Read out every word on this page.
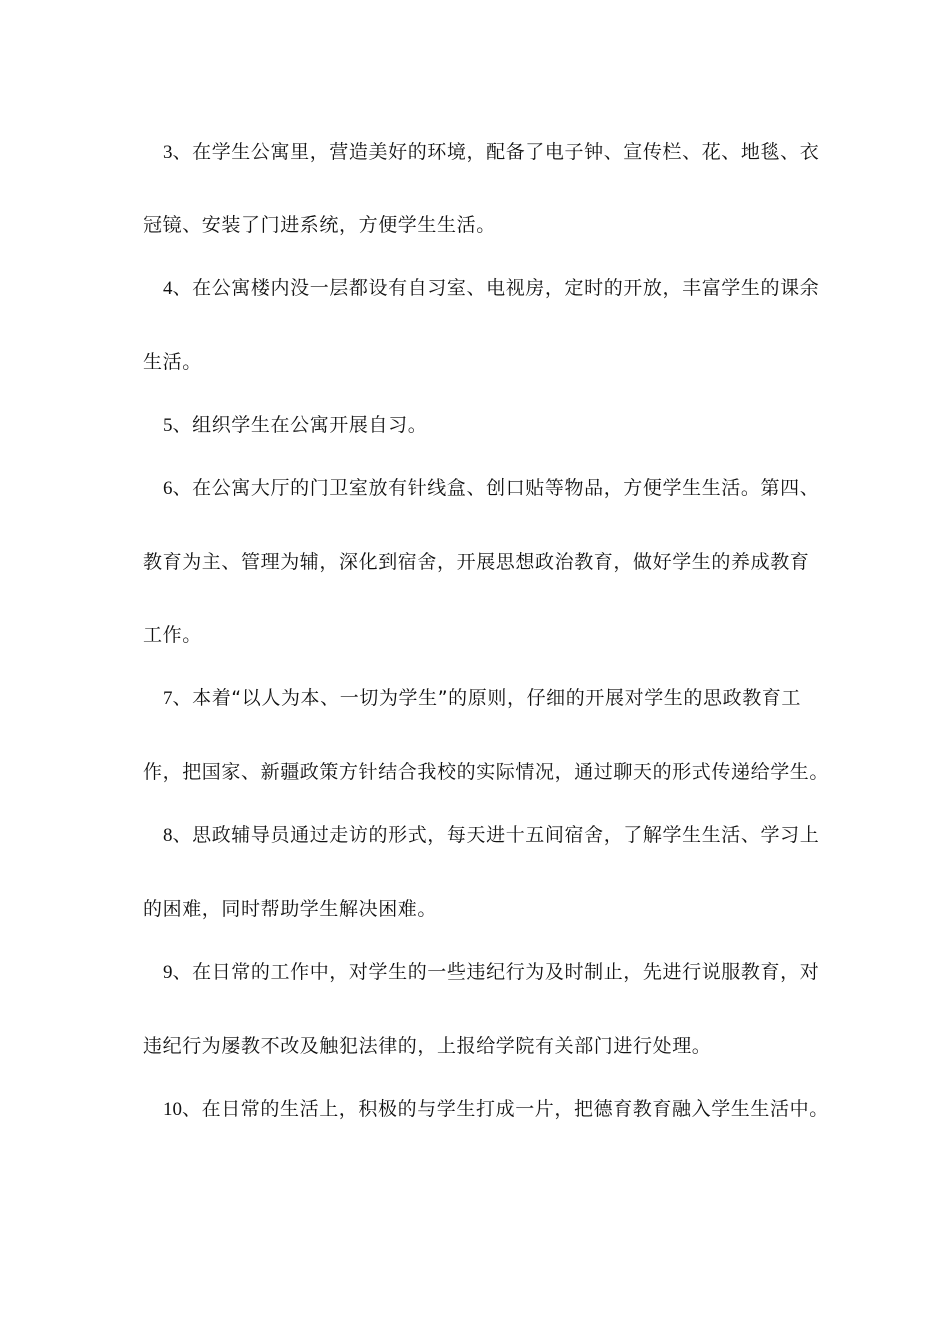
3、在学生公寓里，营造美好的环境，配备了电子钟、宣传栏、花、地毯、衣
冠镜、安装了门进系统，方便学生生活。
4、在公寓楼内没一层都设有自习室、电视房，定时的开放，丰富学生的课余
生活。
5、组织学生在公寓开展自习。
6、在公寓大厅的门卫室放有针线盒、创口贴等物品，方便学生生活。第四、
教育为主、管理为辅，深化到宿舍，开展思想政治教育，做好学生的养成教育
工作。
7、本着“以人为本、一切为学生”的原则，仔细的开展对学生的思政教育工
作，把国家、新疆政策方针结合我校的实际情况，通过聊天的形式传递给学生。
8、思政辅导员通过走访的形式，每天进十五间宿舍，了解学生生活、学习上
的困难，同时帮助学生解决困难。
9、在日常的工作中，对学生的一些违纪行为及时制止，先进行说服教育，对
违纪行为屡教不改及触犯法律的，上报给学院有关部门进行处理。
10、在日常的生活上，积极的与学生打成一片，把德育教育融入学生生活中。
